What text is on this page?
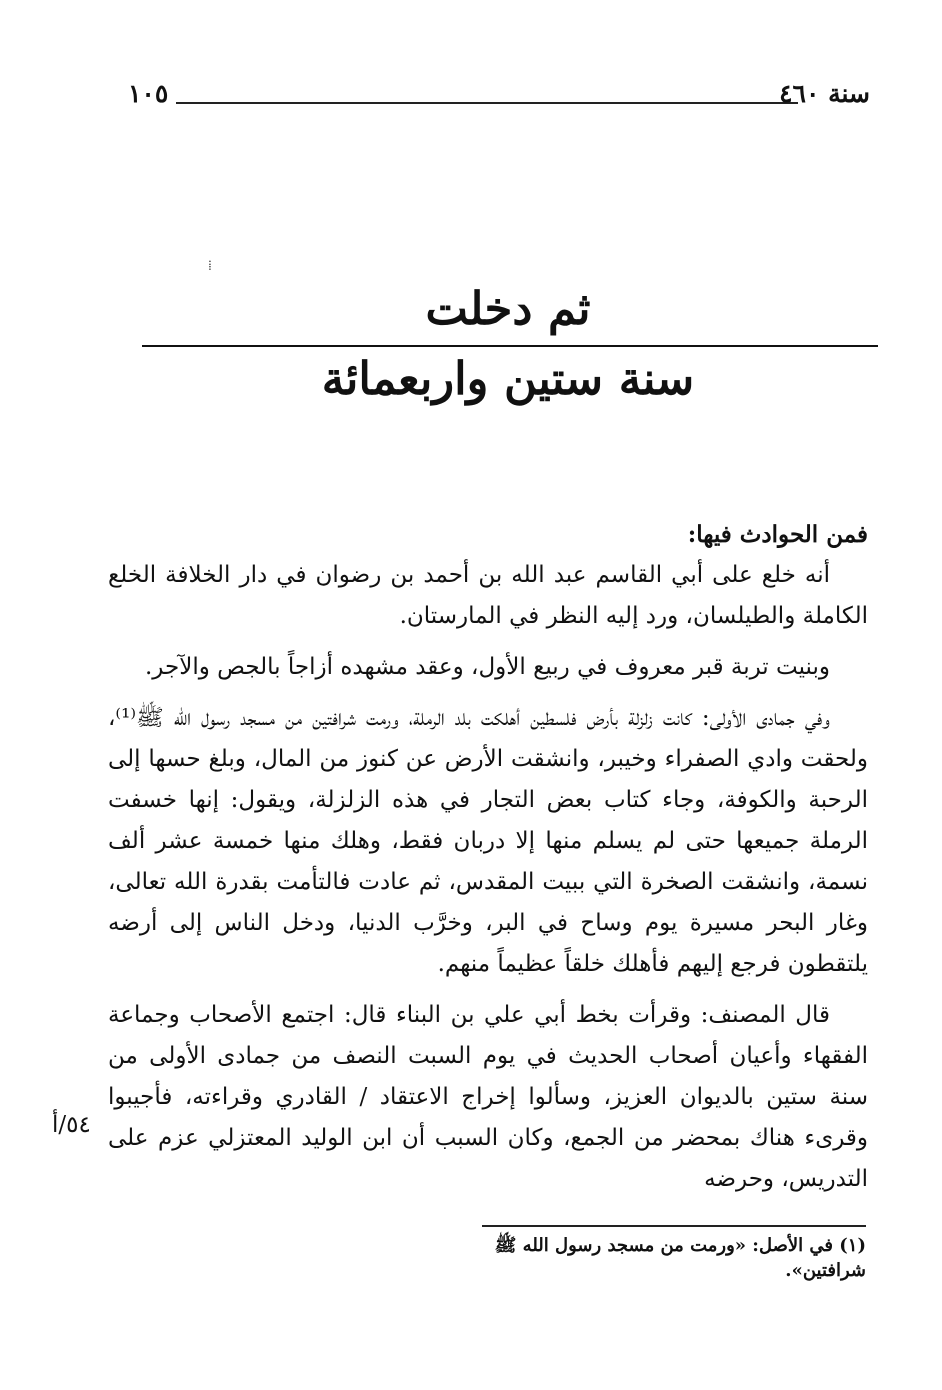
١٠٥	سنة ٤٦٠
⁞
ثم دخلت
سنة ستين واربعمائة

فمن الحوادث فيها:

أنه خلع على أبي القاسم عبد الله بن أحمد بن رضوان في دار الخلافة الخلع الكاملة والطيلسان، ورد إليه النظر في المارستان.

وبنيت تربة قبر معروف في ربيع الأول، وعقد مشهده أزاجاً بالجص والآجر.

وفي جمادى الأولى: كانت زلزلة بأرض فلسطين أهلكت بلد الرملة، ورمت شرافتين من مسجد رسول الله ﷺ⁽¹⁾، ولحقت وادي الصفراء وخيبر، وانشقت الأرض عن كنوز من المال، وبلغ حسها إلى الرحبة والكوفة، وجاء كتاب بعض التجار في هذه الزلزلة، ويقول: إنها خسفت الرملة جميعها حتى لم يسلم منها إلا دربان فقط، وهلك منها خمسة عشر ألف نسمة، وانشقت الصخرة التي ببيت المقدس، ثم عادت فالتأمت بقدرة الله تعالى، وغار البحر مسيرة يوم وساح في البر، وخرَّب الدنيا، ودخل الناس إلى أرضه يلتقطون فرجع إليهم فأهلك خلقاً عظيماً منهم.

قال المصنف: وقرأت بخط أبي علي بن البناء قال: اجتمع الأصحاب وجماعة الفقهاء وأعيان أصحاب الحديث في يوم السبت النصف من جمادى الأولى من سنة ستين بالديوان العزيز، وسألوا إخراج الاعتقاد / القادري وقراءته، فأجيبوا وقرىء هناك بمحضر من الجمع، وكان السبب أن ابن الوليد المعتزلي عزم على التدريس، وحرضه

٥٤/أ
(١) في الأصل: «ورمت من مسجد رسول الله ﷺ شرافتين».
